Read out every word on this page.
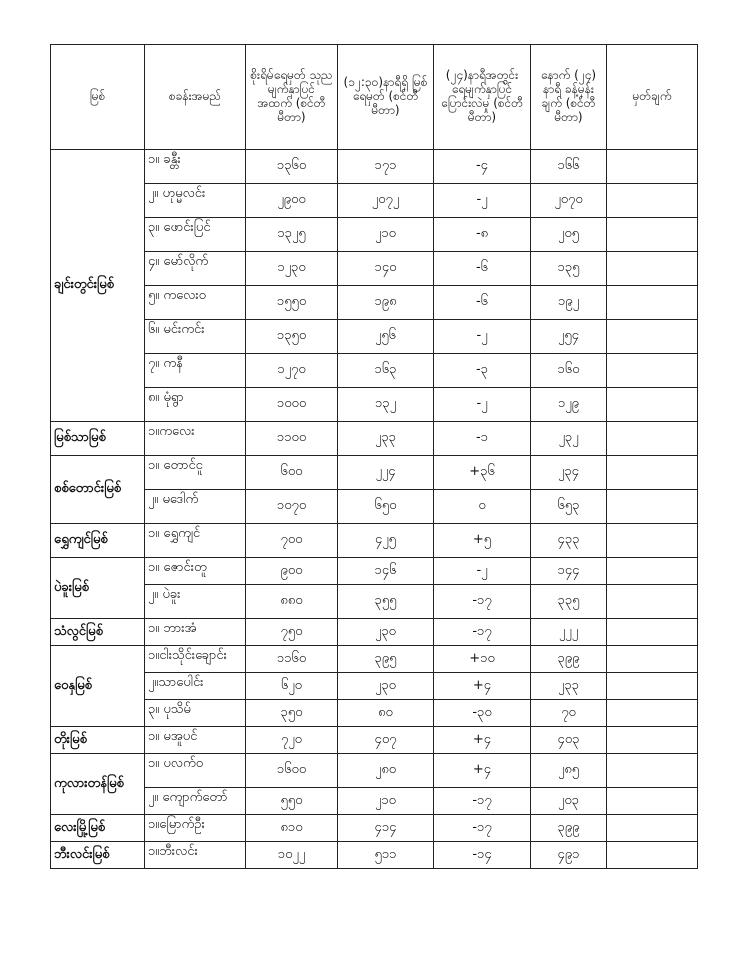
မြစ်	စခန်းအမည်	စိုးရိမ်ရေမှတ် သုညမျက်နှာပြင် အထက် (စင်တီမီတာ)	(၁၂:၃၀)နာရီရှိ မြစ်ရေမှတ် (စင်တီမီတာ)	(၂၄)နာရီအတွင်း ရေမျက်နှာပြင် ပြောင်းလဲမှု (စင်တီမီတာ)	နောက် (၂၄) နာရီ ခန့်မှန်းချက် (စင်တီမီတာ)	မှတ်ချက်
ချင်းတွင်းမြစ်	၁။ ခန္တီး	၁၃၆၀	၁၇၁	-၄	၁၆၆	
	၂။ ဟုမ္မလင်း	၂၉၀၀	၂၀၇၂	-၂	၂၀၇၀	
	၃။ ဖောင်းပြင်	၁၃၂၅	၂၁၀	-၈	၂၀၅	
	၄။ မော်လိုက်	၁၂၃၀	၁၄၀	-၆	၁၃၅	
	၅။ ကလေးဝ	၁၅၅၀	၁၉၈	-၆	၁၉၂	
	၆။ မင်းကင်း	၁၃၅၀	၂၅၆	-၂	၂၅၄	
	၇။ ကနီ	၁၂၇၀	၁၆၃	-၃	၁၆၀	
	၈။ မုံရွာ	၁၀၀၀	၁၃၂	-၂	၁၂၉	
မြစ်သာမြစ်	၁။ကလေး	၁၁၀၀	၂၃၃	-၁	၂၃၂	
စစ်တောင်းမြစ်	၁။ တောင်ငူ	၆၀၀	၂၂၄	+၃၆	၂၃၄	
	၂။ မဒေါက်	၁၀၇၀	၆၅၀	၀	၆၅၃	
ရွှေကျင်မြစ်	၁။ ရွှေကျင်	၇၀၀	၄၂၅	+၅	၄၃၃	
ပဲခူးမြစ်	၁။ ဇောင်းတူ	၉၀၀	၁၄၆	-၂	၁၄၄	
	၂။ ပဲခူး	၈၈၀	၃၅၅	-၁၇	၃၃၅	
သံလွင်မြစ်	၁။ ဘားအံ	၇၅၀	၂၃၀	-၁၇	၂၂၂	
ဝေနှမြစ်	၁။ငါးသိုင်းချောင်း	၁၁၆၀	၃၉၅	+၁၀	၃၉၉	
	၂။သာပေါင်း	၆၂၀	၂၃၀	+၄	၂၃၃	
	၃။ ပုသိမ်	၃၅၀	၈၀	-၃၀	၇၀	
တိုးမြစ်	၁။ မအူပင်	၇၂၀	၄၀၇	+၄	၄၀၃	
ကုလားတန်မြစ်	၁။ ပလက်ဝ	၁၆၀၀	၂၈၀	+၄	၂၈၅	
	၂။ ကျောက်တော်	၅၅၀	၂၁၀	-၁၇	၂၀၃	
လေးမြို့မြစ်	၁။မြောက်ဦး	၈၁၀	၄၁၄	-၁၇	၃၉၉	
ဘီးလင်းမြစ်	၁။ဘီးလင်း	၁၀၂၂	၅၁၁	-၁၄	၄၉၁	
